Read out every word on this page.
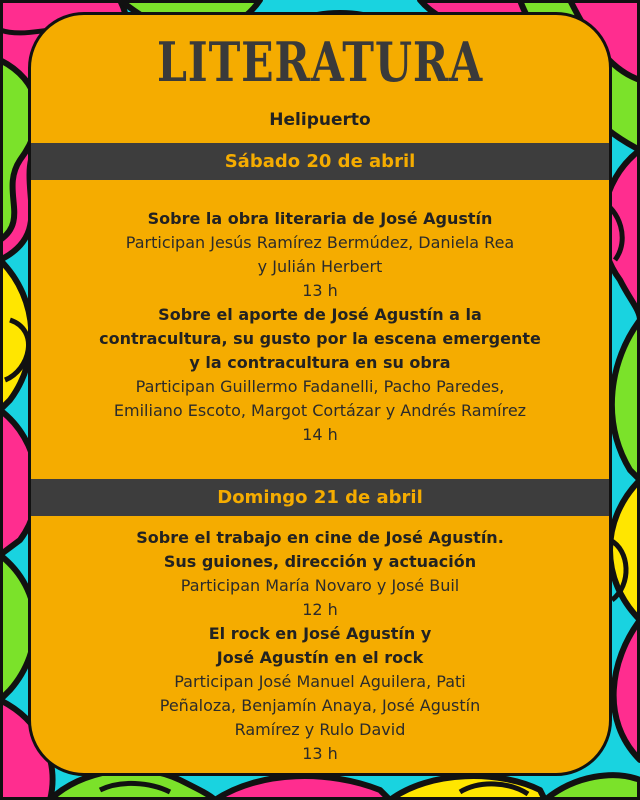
LITERATURA
Helipuerto
Sábado 20 de abril
Sobre la obra literaria de José Agustín
Participan Jesús Ramírez Bermúdez, Daniela Rea
y Julián Herbert
13 h
Sobre el aporte de José Agustín a la
contracultura, su gusto por la escena emergente
y la contracultura en su obra
Participan Guillermo Fadanelli, Pacho Paredes,
Emiliano Escoto, Margot Cortázar y Andrés Ramírez
14 h
Domingo 21 de abril
Sobre el trabajo en cine de José Agustín.
Sus guiones, dirección y actuación
Participan María Novaro y José Buil
12 h
El rock en José Agustín y
José Agustín en el rock
Participan José Manuel Aguilera, Pati
Peñaloza, Benjamín Anaya, José Agustín
Ramírez y Rulo David
13 h
